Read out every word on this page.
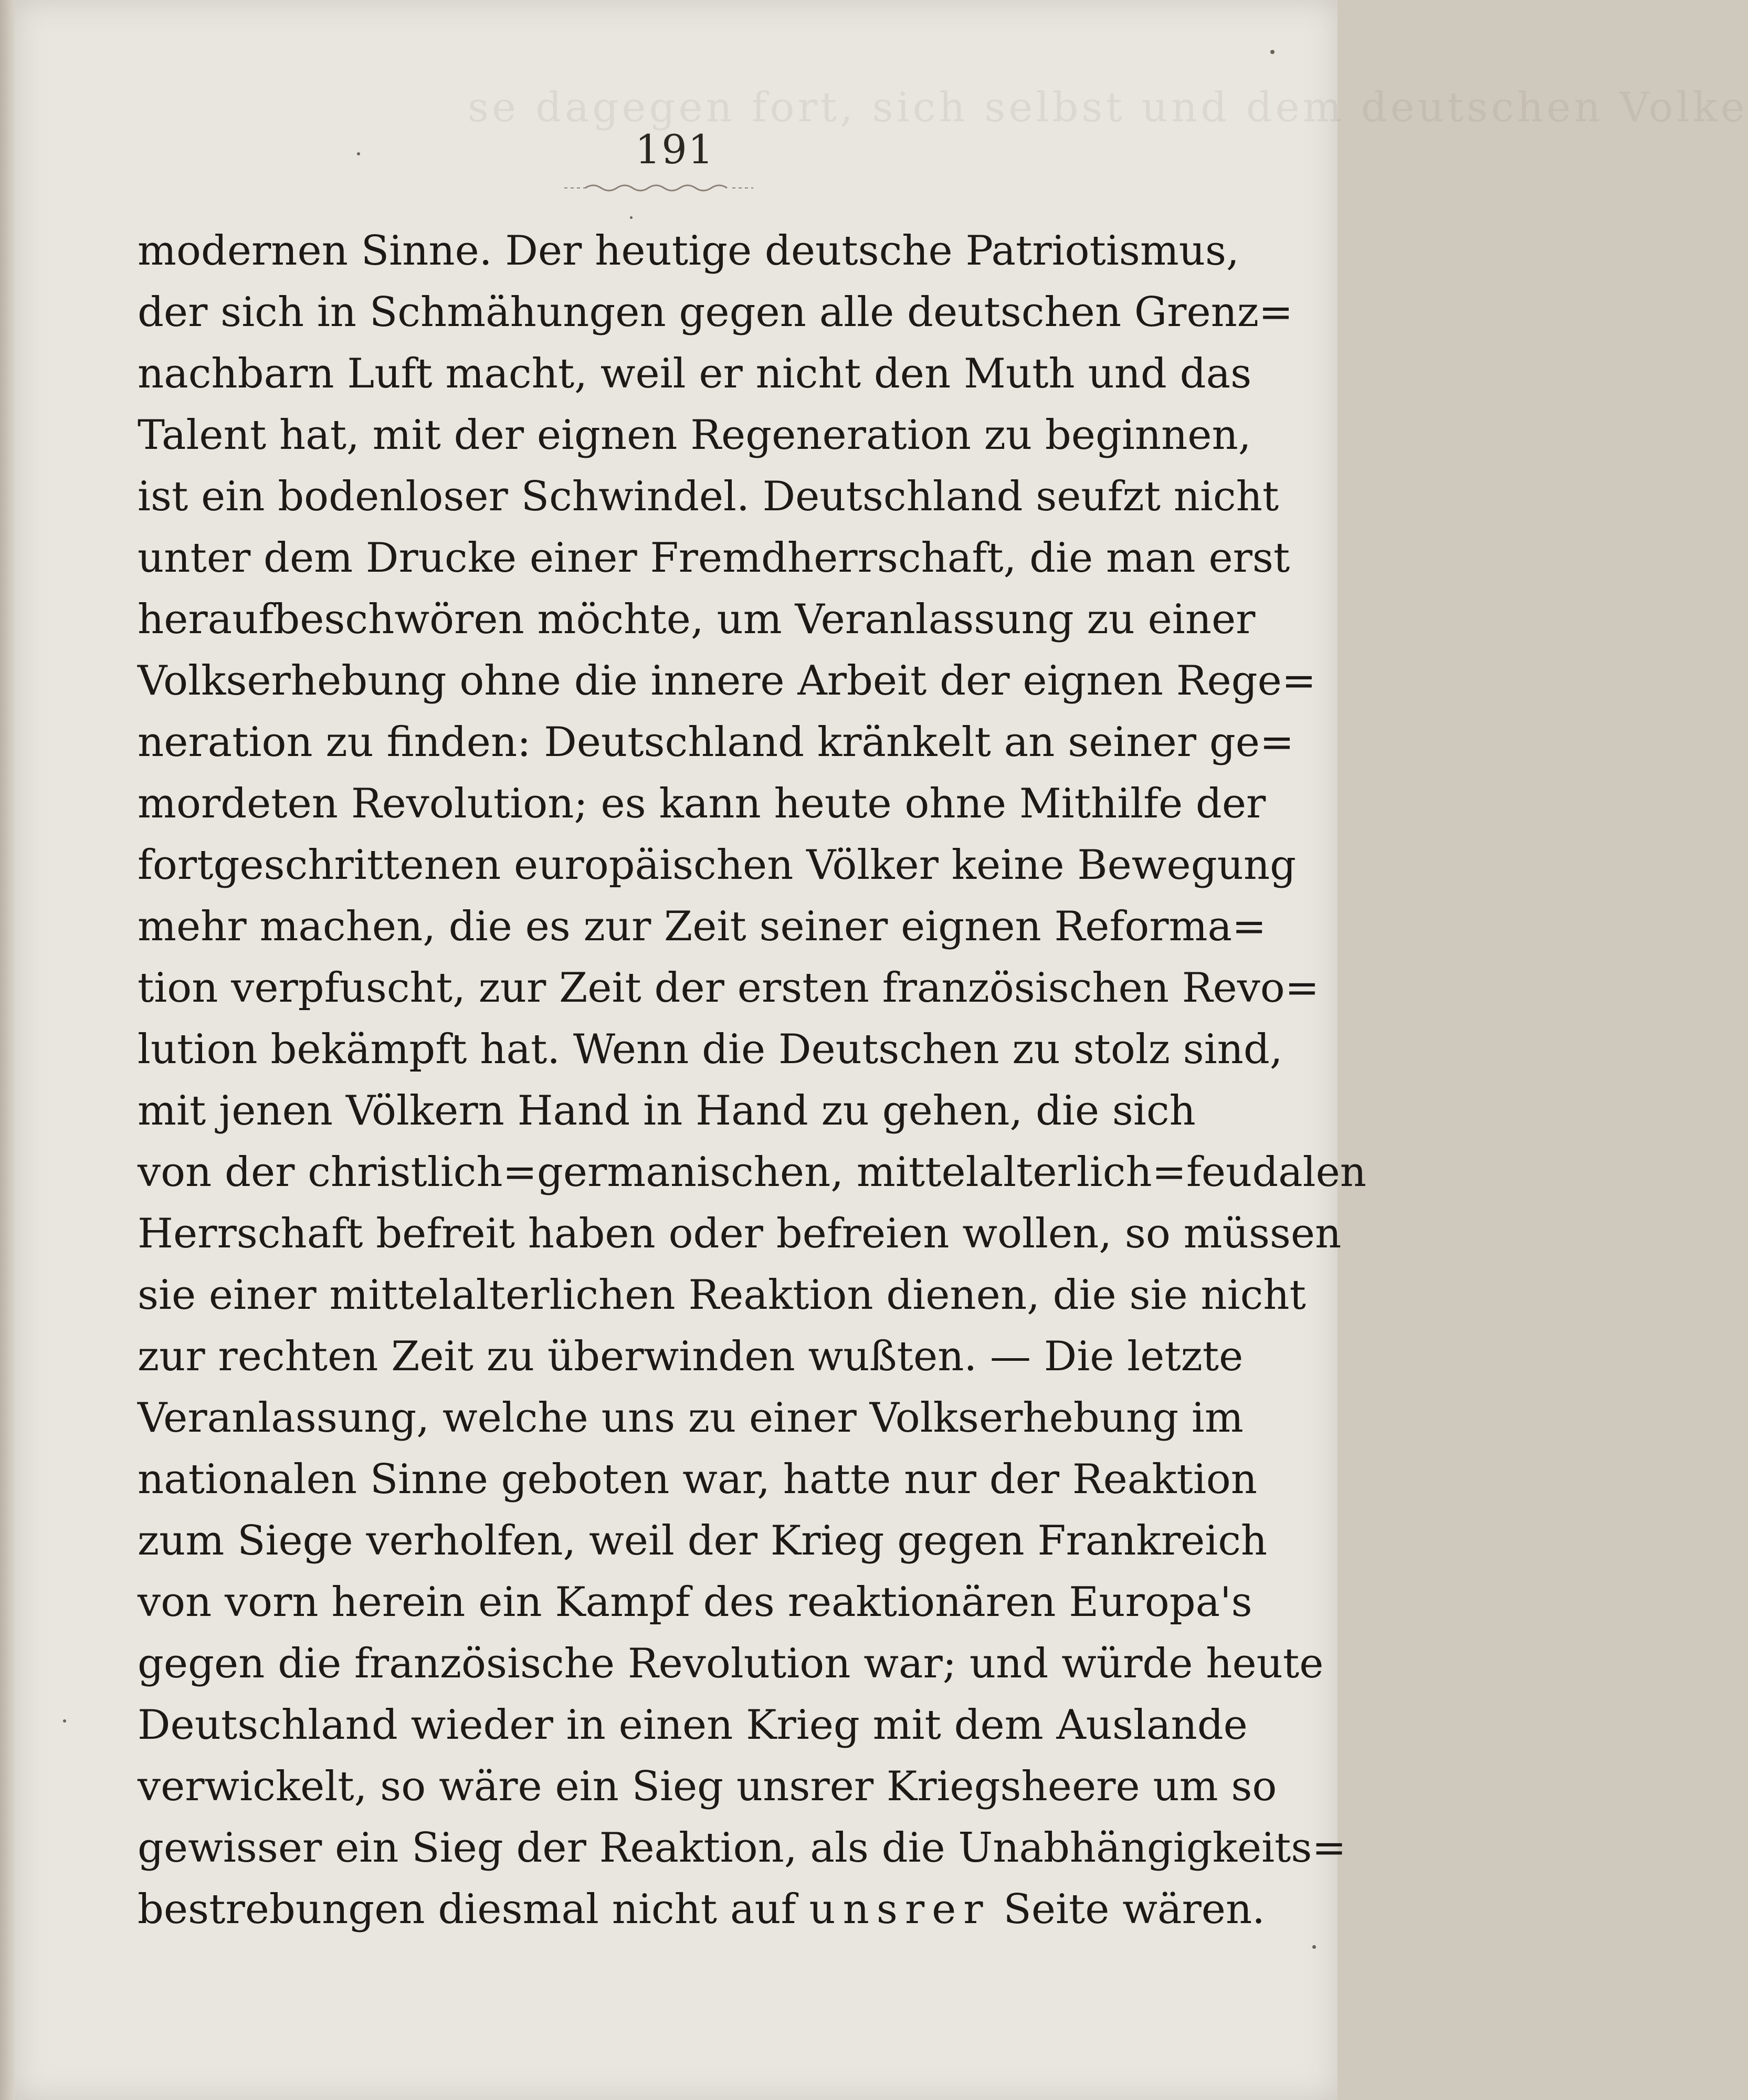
se dagegen fort, sich selbst und dem deutschen Volke
191
modernen Sinne. Der heutige deutsche Patriotismus,
der sich in Schmähungen gegen alle deutschen Grenz=
nachbarn Luft macht, weil er nicht den Muth und das
Talent hat, mit der eignen Regeneration zu beginnen,
ist ein bodenloser Schwindel. Deutschland seufzt nicht
unter dem Drucke einer Fremdherrschaft, die man erst
heraufbeschwören möchte, um Veranlassung zu einer
Volkserhebung ohne die innere Arbeit der eignen Rege=
neration zu finden: Deutschland kränkelt an seiner ge=
mordeten Revolution; es kann heute ohne Mithilfe der
fortgeschrittenen europäischen Völker keine Bewegung
mehr machen, die es zur Zeit seiner eignen Reforma=
tion verpfuscht, zur Zeit der ersten französischen Revo=
lution bekämpft hat. Wenn die Deutschen zu stolz sind,
mit jenen Völkern Hand in Hand zu gehen, die sich
von der christlich=germanischen, mittelalterlich=feudalen
Herrschaft befreit haben oder befreien wollen, so müssen
sie einer mittelalterlichen Reaktion dienen, die sie nicht
zur rechten Zeit zu überwinden wußten. — Die letzte
Veranlassung, welche uns zu einer Volkserhebung im
nationalen Sinne geboten war, hatte nur der Reaktion
zum Siege verholfen, weil der Krieg gegen Frankreich
von vorn herein ein Kampf des reaktionären Europa's
gegen die französische Revolution war; und würde heute
Deutschland wieder in einen Krieg mit dem Auslande
verwickelt, so wäre ein Sieg unsrer Kriegsheere um so
gewisser ein Sieg der Reaktion, als die Unabhängigkeits=
bestrebungen diesmal nicht auf unsrer Seite wären.
